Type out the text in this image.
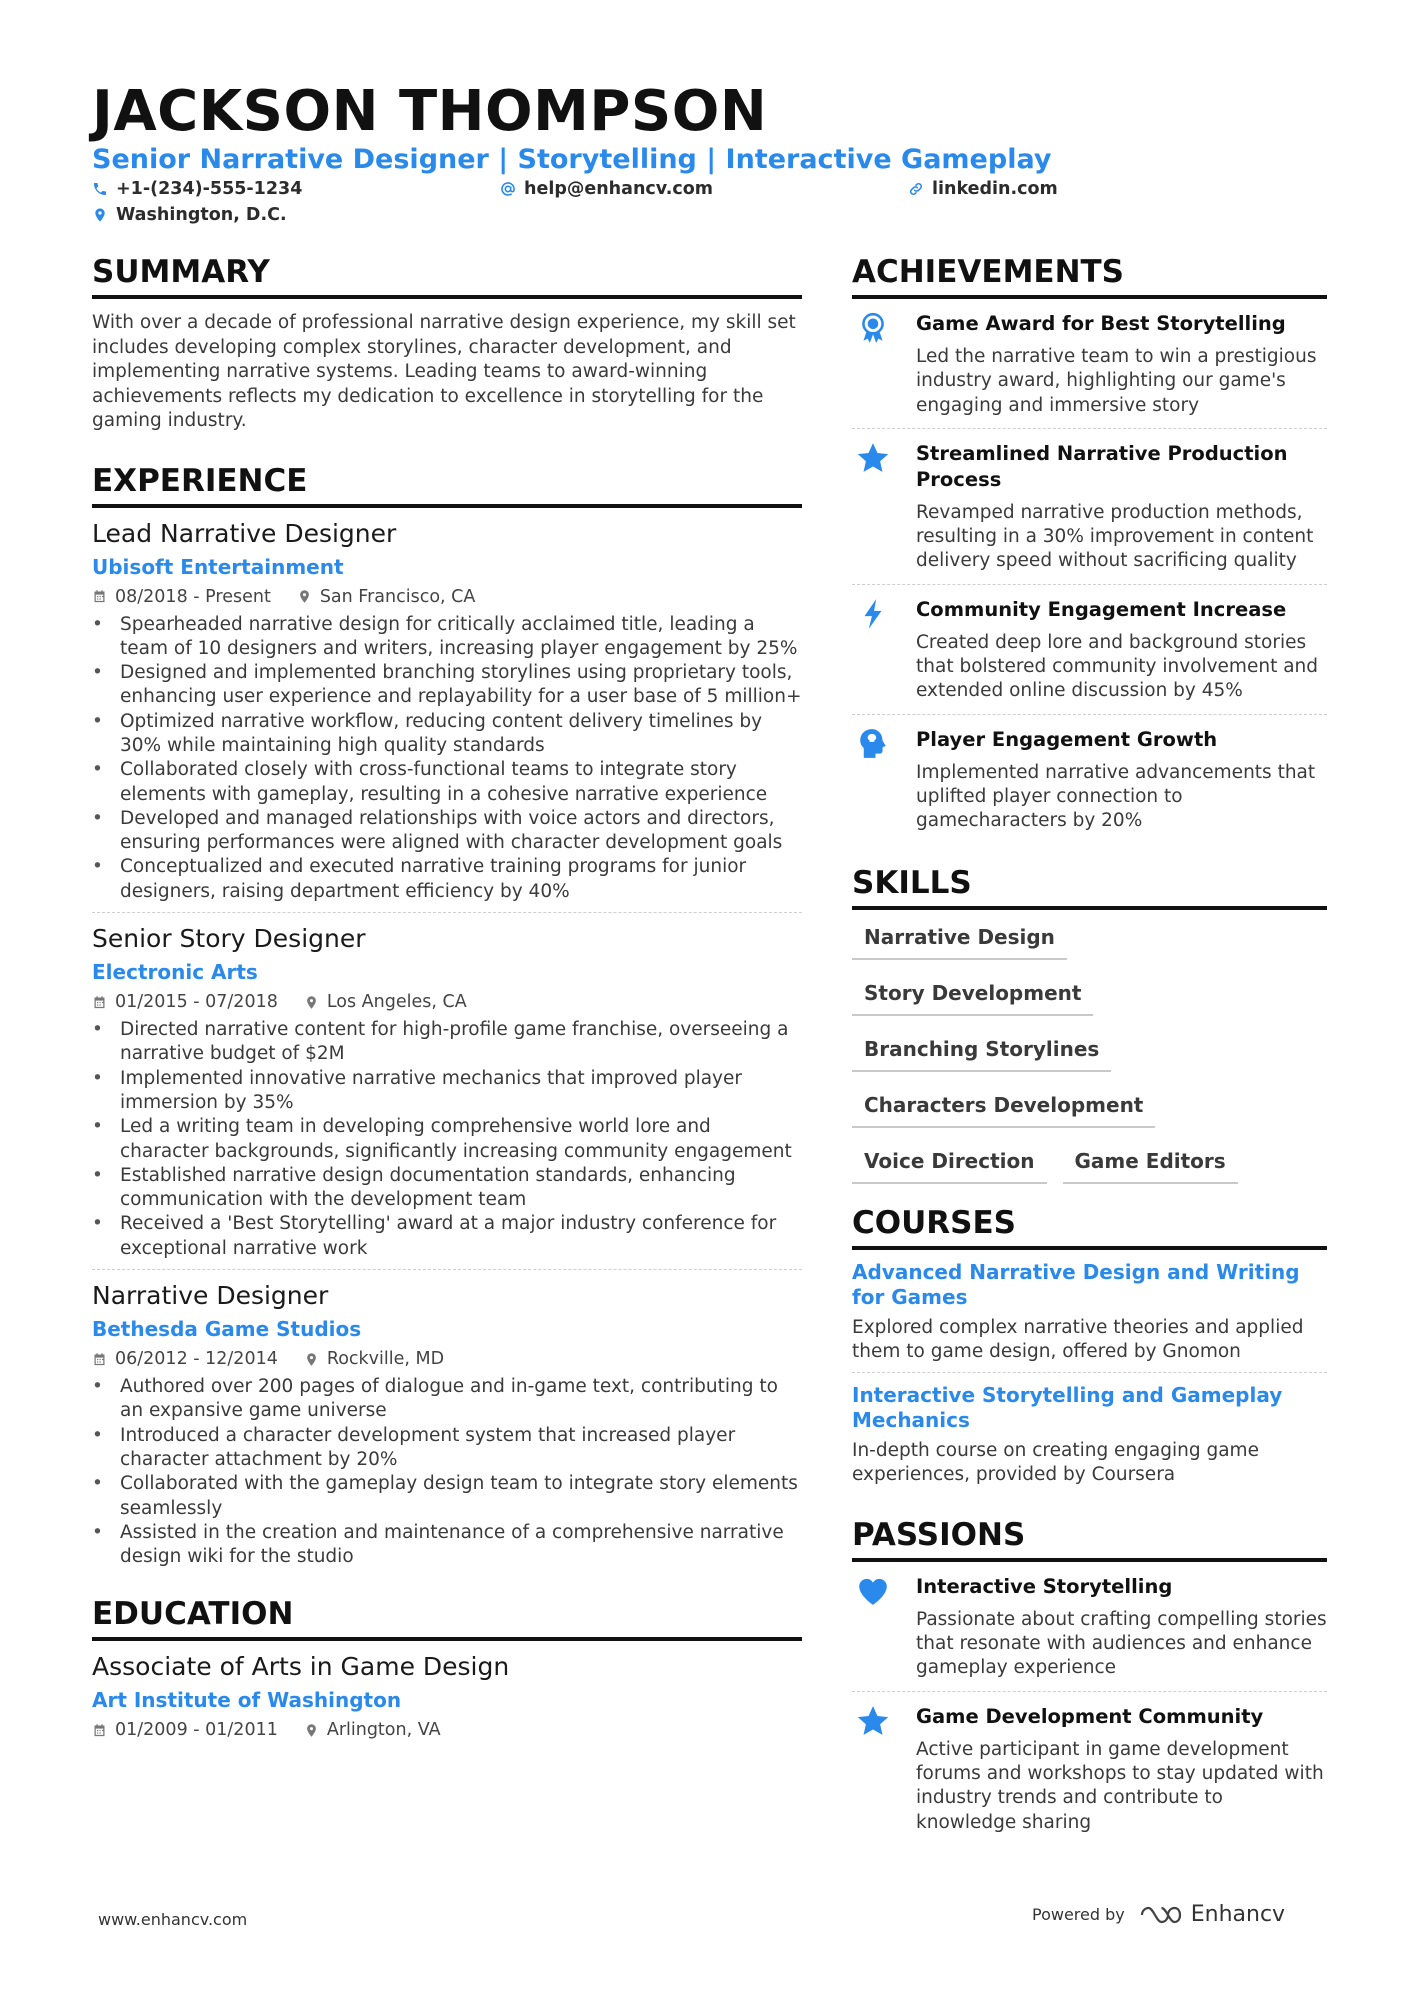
JACKSON THOMPSON
Senior Narrative Designer | Storytelling | Interactive Gameplay
+1-(234)-555-1234	help@enhancv.com	linkedin.com
Washington, D.C.
SUMMARY
With over a decade of professional narrative design experience, my skill set includes developing complex storylines, character development, and implementing narrative systems. Leading teams to award-winning achievements reflects my dedication to excellence in storytelling for the gaming industry.
EXPERIENCE
Lead Narrative Designer
Ubisoft Entertainment
08/2018 - Present	San Francisco, CA
• Spearheaded narrative design for critically acclaimed title, leading a team of 10 designers and writers, increasing player engagement by 25%
• Designed and implemented branching storylines using proprietary tools, enhancing user experience and replayability for a user base of 5 million+
• Optimized narrative workflow, reducing content delivery timelines by 30% while maintaining high quality standards
• Collaborated closely with cross-functional teams to integrate story elements with gameplay, resulting in a cohesive narrative experience
• Developed and managed relationships with voice actors and directors, ensuring performances were aligned with character development goals
• Conceptualized and executed narrative training programs for junior designers, raising department efficiency by 40%
Senior Story Designer
Electronic Arts
01/2015 - 07/2018	Los Angeles, CA
• Directed narrative content for high-profile game franchise, overseeing a narrative budget of $2M
• Implemented innovative narrative mechanics that improved player immersion by 35%
• Led a writing team in developing comprehensive world lore and character backgrounds, significantly increasing community engagement
• Established narrative design documentation standards, enhancing communication with the development team
• Received a 'Best Storytelling' award at a major industry conference for exceptional narrative work
Narrative Designer
Bethesda Game Studios
06/2012 - 12/2014	Rockville, MD
• Authored over 200 pages of dialogue and in-game text, contributing to an expansive game universe
• Introduced a character development system that increased player character attachment by 20%
• Collaborated with the gameplay design team to integrate story elements seamlessly
• Assisted in the creation and maintenance of a comprehensive narrative design wiki for the studio
EDUCATION
Associate of Arts in Game Design
Art Institute of Washington
01/2009 - 01/2011	Arlington, VA
ACHIEVEMENTS
Game Award for Best Storytelling
Led the narrative team to win a prestigious industry award, highlighting our game's engaging and immersive story
Streamlined Narrative Production Process
Revamped narrative production methods, resulting in a 30% improvement in content delivery speed without sacrificing quality
Community Engagement Increase
Created deep lore and background stories that bolstered community involvement and extended online discussion by 45%
Player Engagement Growth
Implemented narrative advancements that uplifted player connection to gamecharacters by 20%
SKILLS
Narrative Design
Story Development
Branching Storylines
Characters Development
Voice Direction	Game Editors
COURSES
Advanced Narrative Design and Writing for Games
Explored complex narrative theories and applied them to game design, offered by Gnomon
Interactive Storytelling and Gameplay Mechanics
In-depth course on creating engaging game experiences, provided by Coursera
PASSIONS
Interactive Storytelling
Passionate about crafting compelling stories that resonate with audiences and enhance gameplay experience
Game Development Community
Active participant in game development forums and workshops to stay updated with industry trends and contribute to knowledge sharing
www.enhancv.com	Powered by	Enhancv
